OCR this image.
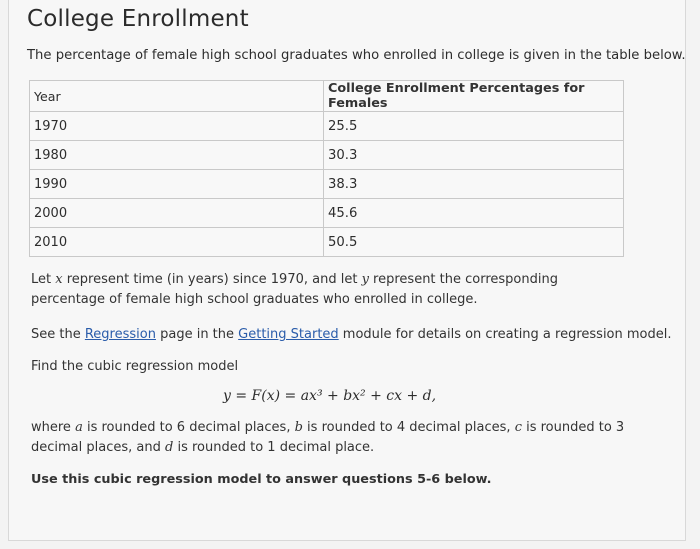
College Enrollment

The percentage of female high school graduates who enrolled in college is given in the table below.

Year	College Enrollment Percentages for Females
1970	25.5
1980	30.3
1990	38.3
2000	45.6
2010	50.5

Let x represent time (in years) since 1970, and let y represent the corresponding percentage of female high school graduates who enrolled in college.

See the Regression page in the Getting Started module for details on creating a regression model.

Find the cubic regression model

y = F(x) = ax³ + bx² + cx + d,

where a is rounded to 6 decimal places, b is rounded to 4 decimal places, c is rounded to 3 decimal places, and d is rounded to 1 decimal place.

Use this cubic regression model to answer questions 5-6 below.
